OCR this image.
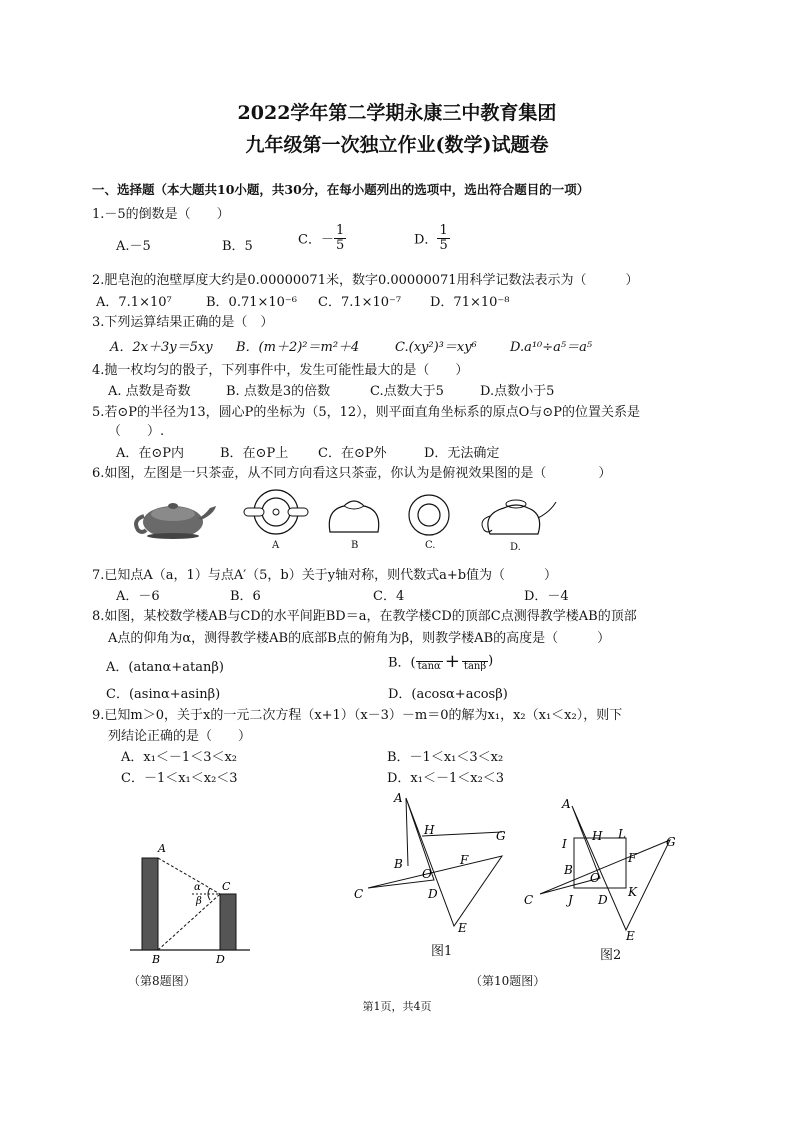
2022学年第二学期永康三中教育集团
九年级第一次独立作业(数学)试题卷
一、选择题（本大题共10小题，共30分，在每小题列出的选项中，选出符合题目的一项）
1.－5的倒数是（　　）
A.－5	B．5	C．－ $\frac{1}{5}$	D． $\frac{1}{5}$
2.肥皂泡的泡壁厚度大约是0.00000071米，数字0.00000071用科学记数法表示为（　　　）
A．7.1×10⁷	B．0.71×10⁻⁶ C．7.1×10⁻⁷ D．71×10⁻⁸
3.下列运算结果正确的是（　）
A．2x＋3y＝5xy B．(m＋2)²＝m²＋4	C.(xy²)³＝xy⁶	D.a¹⁰÷a⁵＝a⁵
4.抛一枚均匀的骰子，下列事件中，发生可能性最大的是（　　）
A. 点数是奇数	B. 点数是3的倍数	C.点数大于5	D.点数小于5
5.若⊙P的半径为13，圆心P的坐标为（5，12），则平面直角坐标系的原点O与⊙P的位置关系是
（　　）.
A．在⊙P内	B．在⊙P上 C．在⊙P外	D．无法确定
6.如图，左图是一只茶壶，从不同方向看这只茶壶，你认为是俯视效果图的是（　　　　）
A	B	C.	D.
7.已知点A（a，1）与点A′（5，b）关于y轴对称，则代数式a+b值为（　　　）
A．－6	B．6	C．4	D．－4
8.如图，某校数学楼AB与CD的水平间距BD＝a，在教学楼CD的顶部C点测得教学楼AB的顶部
A点的仰角为α，测得教学楼AB的底部B点的俯角为β，则教学楼AB的高度是（　　　）
A．(atanα+atanβ)	B．(
   tanα +
   tanβ )
C．(asinα+asinβ)	D．(acosα+acosβ)
9.已知m＞0，关于x的一元二次方程（x+1）（x－3）－m＝0的解为x₁，x₂（x₁＜x₂），则下
列结论正确的是（　　）
A．x₁＜－1＜3＜x₂	B．－1＜x₁＜3＜x₂
C．－1＜x₁＜x₂＜3	D．x₁＜－1＜x₂＜3
A
B
C
D
α
β
（第8题图）
A
H	G
B	F
O
C	D
E
图1
A
I
H L
G
F
B
O
C	J D
K
E
图2
（第10题图）
第1页，共4页
